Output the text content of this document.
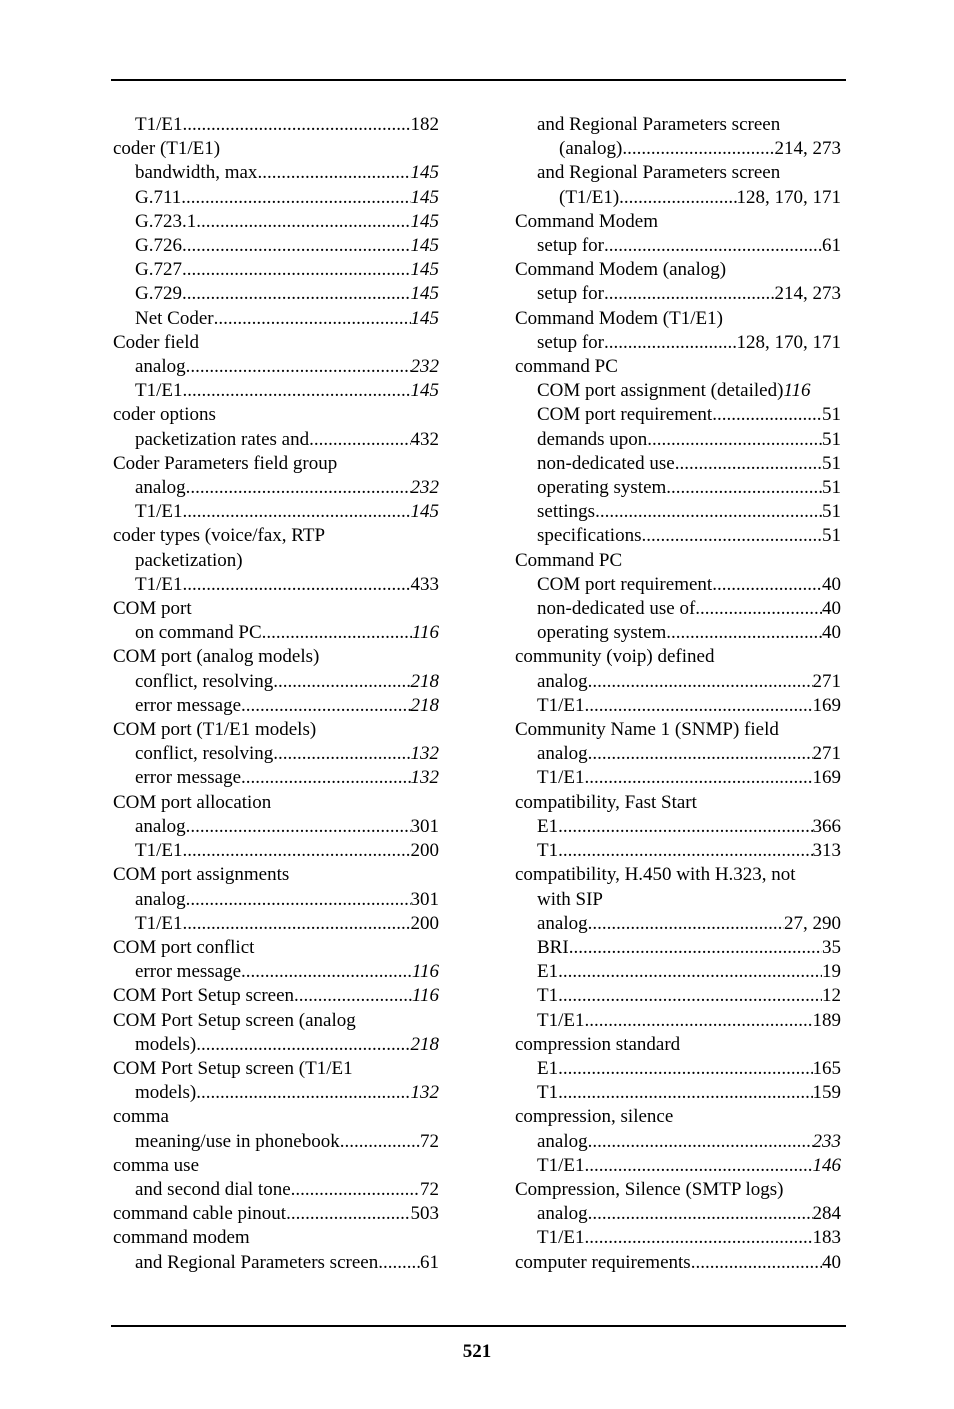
T1/E1 .....	182
coder (T1/E1)
bandwidth, max .....	145
G.711 .....	145
G.723.1 .....	145
G.726 .....	145
G.727 .....	145
G.729 .....	145
Net Coder .....	145
Coder field
analog .....	232
T1/E1 .....	145
coder options
packetization rates and .....	432
Coder Parameters field group
analog .....	232
T1/E1 .....	145
coder types (voice/fax, RTP
packetization)
T1/E1 .....	433
COM port
on command PC .....	116
COM port (analog models)
conflict, resolving .....	218
error message .....	218
COM port (T1/E1 models)
conflict, resolving .....	132
error message .....	132
COM port allocation
analog .....	301
T1/E1 .....	200
COM port assignments
analog .....	301
T1/E1 .....	200
COM port conflict
error message .....	116
COM Port Setup screen .....	116
COM Port Setup screen (analog
models) .....	218
COM Port Setup screen (T1/E1
models) .....	132
comma
meaning/use in phonebook .....	72
comma use
and second dial tone .....	72
command cable pinout .....	503
command modem
and Regional Parameters screen ..... 61
and Regional Parameters screen
(analog) .....	214, 273
and Regional Parameters screen
(T1/E1) .....	128, 170, 171
Command Modem
setup for .....	61
Command Modem (analog)
setup for .....	214, 273
Command Modem (T1/E1)
setup for .....	128, 170, 171
command PC
COM port assignment (detailed) 116
COM port requirement .....	51
demands upon .....	51
non-dedicated use .....	51
operating system .....	51
settings .....	51
specifications .....	51
Command PC
COM port requirement .....	40
non-dedicated use of .....	40
operating system .....	40
community (voip) defined
analog .....	271
T1/E1 .....	169
Community Name 1 (SNMP) field
analog .....	271
T1/E1 .....	169
compatibility, Fast Start
E1 .....	366
T1 .....	313
compatibility, H.450 with H.323, not
with SIP
analog .....	27, 290
BRI .....	35
E1 .....	19
T1 .....	12
T1/E1 .....	189
compression standard
E1 .....	165
T1 .....	159
compression, silence
analog .....	233
T1/E1 .....	146
Compression, Silence (SMTP logs)
analog .....	284
T1/E1 .....	183
computer requirements .....	40
521
